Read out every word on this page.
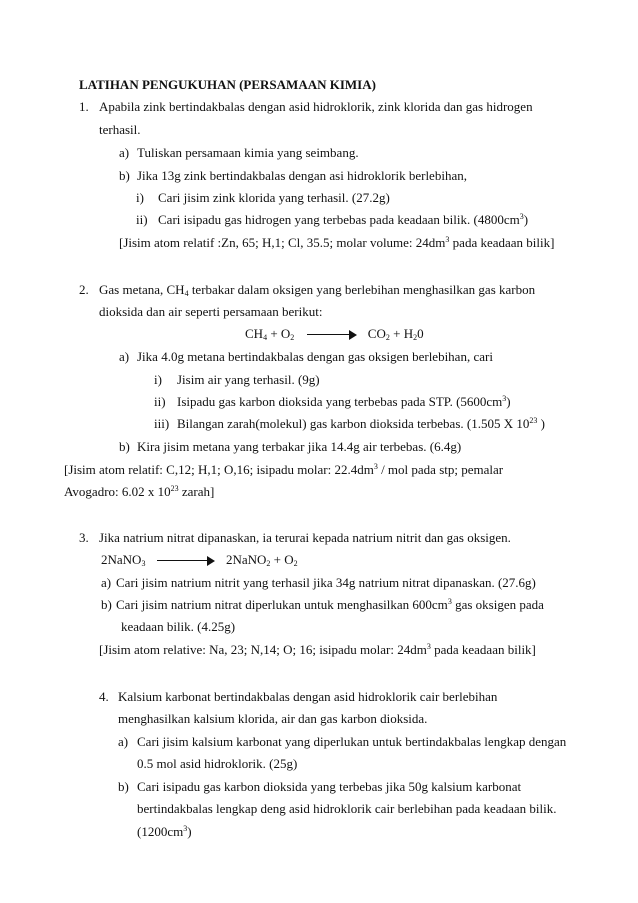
LATIHAN PENGUKUHAN (PERSAMAAN KIMIA)
1. Apabila zink bertindakbalas dengan asid hidroklorik, zink klorida dan gas hidrogen
terhasil.
a) Tuliskan persamaan kimia yang seimbang.
b) Jika 13g zink bertindakbalas dengan asi hidroklorik berlebihan,
i) Cari jisim zink klorida yang terhasil. (27.2g)
ii) Cari isipadu gas hidrogen yang terbebas pada keadaan bilik. $(4800cm^3)$
[Jisim atom relatif :Zn, 65; H,1; Cl, 35.5; molar volume: $24dm^3$ pada keadaan bilik]
2. Gas metana, $CH_4$ terbakar dalam oksigen yang berlebihan menghasilkan gas karbon
dioksida dan air seperti persamaan berikut:
$CH_4 + O_2$	$CO_2 + H_20$
a) Jika 4.0g metana bertindakbalas dengan gas oksigen berlebihan, cari
i) Jisim air yang terhasil. (9g)
ii) Isipadu gas karbon dioksida yang terbebas pada STP. $(5600cm^3)$
iii) Bilangan zarah(molekul) gas karbon dioksida terbebas. (1.505 X $10^{23}$ )
b) Kira jisim metana yang terbakar jika 14.4g air terbebas. (6.4g)
[Jisim atom relatif: C,12; H,1; O,16; isipadu molar: $22.4dm^3$ / mol pada stp; pemalar
Avogadro: 6.02 x $10^{23}$ zarah]
3. Jika natrium nitrat dipanaskan, ia terurai kepada natrium nitrit dan gas oksigen.
2NaNO$_3$	2NaNO$_2$ + $O_2$
a) Cari jisim natrium nitrit yang terhasil jika 34g natrium nitrat dipanaskan. (27.6g)
b) Cari jisim natrium nitrat diperlukan untuk menghasilkan $600cm^3$ gas oksigen pada
keadaan bilik. (4.25g)
[Jisim atom relative: Na, 23; N,14; O; 16; isipadu molar: $24dm^3$ pada keadaan bilik]
4. Kalsium karbonat bertindakbalas dengan asid hidroklorik cair berlebihan
menghasilkan kalsium klorida, air dan gas karbon dioksida.
a) Cari jisim kalsium karbonat yang diperlukan untuk bertindakbalas lengkap dengan
0.5 mol asid hidroklorik. (25g)
b) Cari isipadu gas karbon dioksida yang terbebas jika 50g kalsium karbonat
bertindakbalas lengkap deng asid hidroklorik cair berlebihan pada keadaan bilik.
$(1200cm^3)$
